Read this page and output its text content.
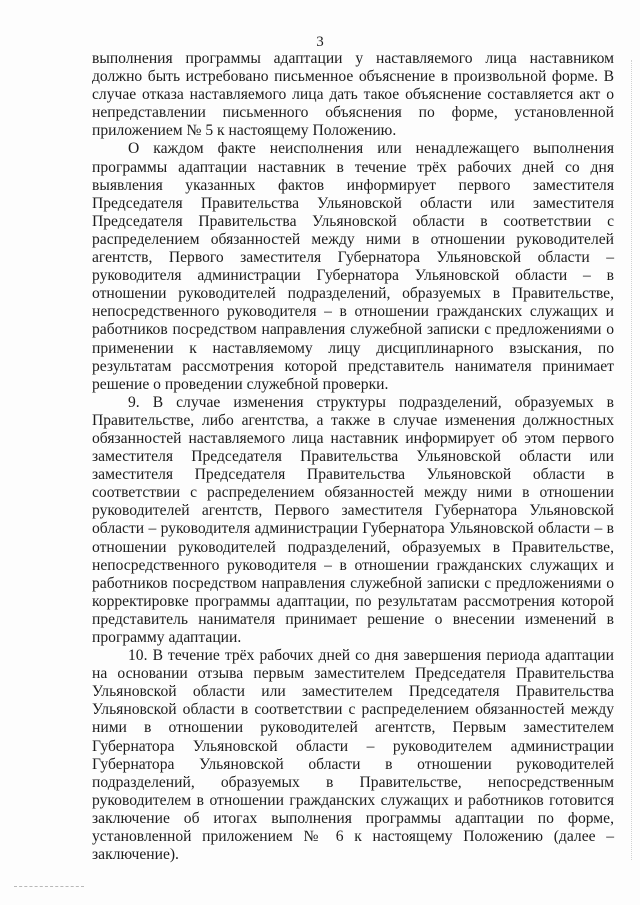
3

выполнения программы адаптации у наставляемого лица наставником должно быть истребовано письменное объяснение в произвольной форме. В случае отказа наставляемого лица дать такое объяснение составляется акт о непредставлении письменного объяснения по форме, установленной приложением № 5 к настоящему Положению.

О каждом факте неисполнения или ненадлежащего выполнения программы адаптации наставник в течение трёх рабочих дней со дня выявления указанных фактов информирует первого заместителя Председателя Правительства Ульяновской области или заместителя Председателя Правительства Ульяновской области в соответствии с распределением обязанностей между ними в отношении руководителей агентств, Первого заместителя Губернатора Ульяновской области – руководителя администрации Губернатора Ульяновской области – в отношении руководителей подразделений, образуемых в Правительстве, непосредственного руководителя – в отношении гражданских служащих и работников посредством направления служебной записки с предложениями о применении к наставляемому лицу дисциплинарного взыскания, по результатам рассмотрения которой представитель нанимателя принимает решение о проведении служебной проверки.

9. В случае изменения структуры подразделений, образуемых в Правительстве, либо агентства, а также в случае изменения должностных обязанностей наставляемого лица наставник информирует об этом первого заместителя Председателя Правительства Ульяновской области или заместителя Председателя Правительства Ульяновской области в соответствии с распределением обязанностей между ними в отношении руководителей агентств, Первого заместителя Губернатора Ульяновской области – руководителя администрации Губернатора Ульяновской области – в отношении руководителей подразделений, образуемых в Правительстве, непосредственного руководителя – в отношении гражданских служащих и работников посредством направления служебной записки с предложениями о корректировке программы адаптации, по результатам рассмотрения которой представитель нанимателя принимает решение о внесении изменений в программу адаптации.

10. В течение трёх рабочих дней со дня завершения периода адаптации на основании отзыва первым заместителем Председателя Правительства Ульяновской области или заместителем Председателя Правительства Ульяновской области в соответствии с распределением обязанностей между ними в отношении руководителей агентств, Первым заместителем Губернатора Ульяновской области – руководителем администрации Губернатора Ульяновской области в отношении руководителей подразделений, образуемых в Правительстве, непосредственным руководителем в отношении гражданских служащих и работников готовится заключение об итогах выполнения программы адаптации по форме, установленной приложением № 6 к настоящему Положению (далее – заключение).
